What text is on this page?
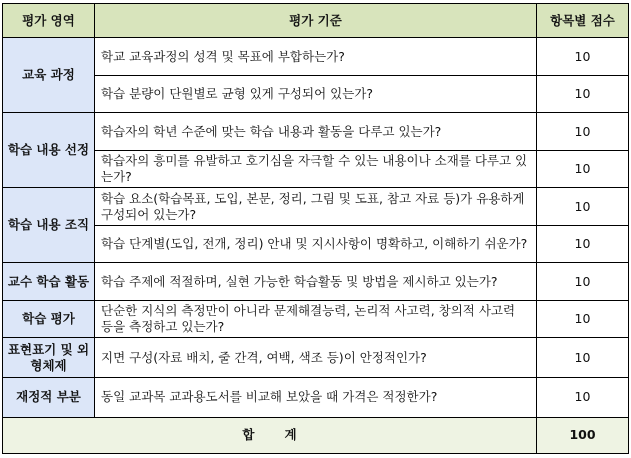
평가 영역	평가 기준	항목별 점수
교육 과정	학교 교육과정의 성격 및 목표에 부합하는가?	10
	학습 분량이 단원별로 균형 있게 구성되어 있는가?	10
학습 내용 선정	학습자의 학년 수준에 맞는 학습 내용과 활동을 다루고 있는가?	10
	학습자의 흥미를 유발하고 호기심을 자극할 수 있는 내용이나 소재를 다루고 있는가?	10
학습 내용 조직	학습 요소(학습목표, 도입, 본문, 정리, 그림 및 도표, 참고 자료 등)가 유용하게 구성되어 있는가?	10
	학습 단계별(도입, 전개, 정리) 안내 및 지시사항이 명확하고, 이해하기 쉬운가?	10
교수 학습 활동	학습 주제에 적절하며, 실현 가능한 학습활동 및 방법을 제시하고 있는가?	10
학습 평가	단순한 지식의 측정만이 아니라 문제해결능력, 논리적 사고력, 창의적 사고력 등을 측정하고 있는가?	10
표현표기 및 외형체제	지면 구성(자료 배치, 줄 간격, 여백, 색조 등)이 안정적인가?	10
재정적 부분	동일 교과목 교과용도서를 비교해 보았을 때 가격은 적정한가?	10
합계		100
